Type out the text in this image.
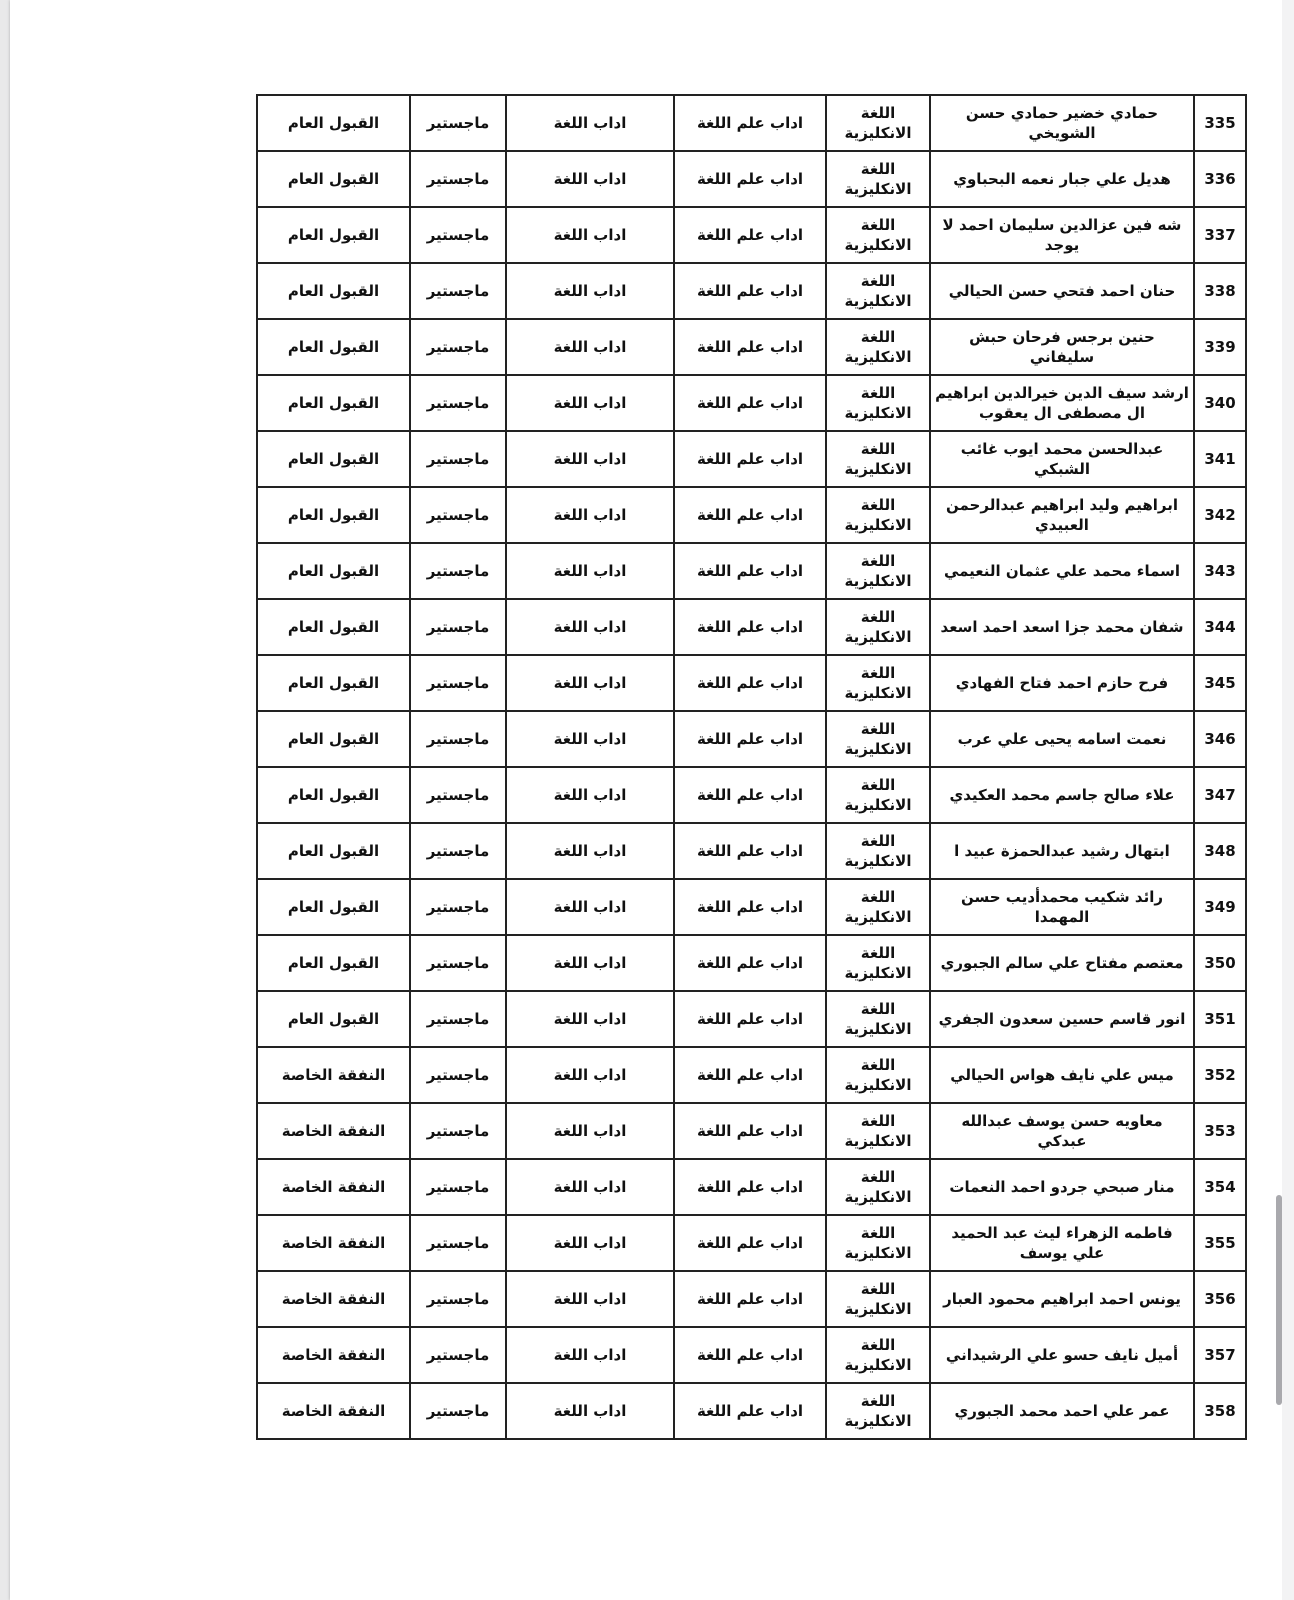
335	حمادي خضير حمادي حسن الشويخي	اللغة الانكليزية	اداب علم اللغة	اداب اللغة	ماجستير	القبول العام
336	هديل علي جبار نعمه البحباوي	اللغة الانكليزية	اداب علم اللغة	اداب اللغة	ماجستير	القبول العام
337	شه فين عزالدين سليمان احمد لا يوجد	اللغة الانكليزية	اداب علم اللغة	اداب اللغة	ماجستير	القبول العام
338	حنان احمد فتحي حسن الحيالي	اللغة الانكليزية	اداب علم اللغة	اداب اللغة	ماجستير	القبول العام
339	حنين برجس فرحان حبش سليفاني	اللغة الانكليزية	اداب علم اللغة	اداب اللغة	ماجستير	القبول العام
340	ارشد سيف الدين خيرالدين ابراهيم ال مصطفى ال يعقوب	اللغة الانكليزية	اداب علم اللغة	اداب اللغة	ماجستير	القبول العام
341	عبدالحسن محمد ايوب غائب الشبكي	اللغة الانكليزية	اداب علم اللغة	اداب اللغة	ماجستير	القبول العام
342	ابراهيم وليد ابراهيم عبدالرحمن العبيدي	اللغة الانكليزية	اداب علم اللغة	اداب اللغة	ماجستير	القبول العام
343	اسماء محمد علي عثمان النعيمي	اللغة الانكليزية	اداب علم اللغة	اداب اللغة	ماجستير	القبول العام
344	شفان محمد جزا اسعد احمد اسعد	اللغة الانكليزية	اداب علم اللغة	اداب اللغة	ماجستير	القبول العام
345	فرح حازم احمد فتاح الفهادي	اللغة الانكليزية	اداب علم اللغة	اداب اللغة	ماجستير	القبول العام
346	نعمت اسامه يحيى علي عرب	اللغة الانكليزية	اداب علم اللغة	اداب اللغة	ماجستير	القبول العام
347	علاء صالح جاسم محمد العكيدي	اللغة الانكليزية	اداب علم اللغة	اداب اللغة	ماجستير	القبول العام
348	ابتهال رشيد عبدالحمزة عبيد ا	اللغة الانكليزية	اداب علم اللغة	اداب اللغة	ماجستير	القبول العام
349	رائد شكيب محمدأديب حسن المهمدا	اللغة الانكليزية	اداب علم اللغة	اداب اللغة	ماجستير	القبول العام
350	معتصم مفتاح علي سالم الجبوري	اللغة الانكليزية	اداب علم اللغة	اداب اللغة	ماجستير	القبول العام
351	انور قاسم حسين سعدون الجفري	اللغة الانكليزية	اداب علم اللغة	اداب اللغة	ماجستير	القبول العام
352	ميس علي نايف هواس الحيالي	اللغة الانكليزية	اداب علم اللغة	اداب اللغة	ماجستير	النفقة الخاصة
353	معاويه حسن يوسف عبدالله عبدكي	اللغة الانكليزية	اداب علم اللغة	اداب اللغة	ماجستير	النفقة الخاصة
354	منار صبحي جردو احمد النعمات	اللغة الانكليزية	اداب علم اللغة	اداب اللغة	ماجستير	النفقة الخاصة
355	فاطمه الزهراء ليث عبد الحميد علي يوسف	اللغة الانكليزية	اداب علم اللغة	اداب اللغة	ماجستير	النفقة الخاصة
356	يونس احمد ابراهيم محمود العبار	اللغة الانكليزية	اداب علم اللغة	اداب اللغة	ماجستير	النفقة الخاصة
357	أميل نايف حسو علي الرشيداني	اللغة الانكليزية	اداب علم اللغة	اداب اللغة	ماجستير	النفقة الخاصة
358	عمر علي احمد محمد الجبوري	اللغة الانكليزية	اداب علم اللغة	اداب اللغة	ماجستير	النفقة الخاصة
